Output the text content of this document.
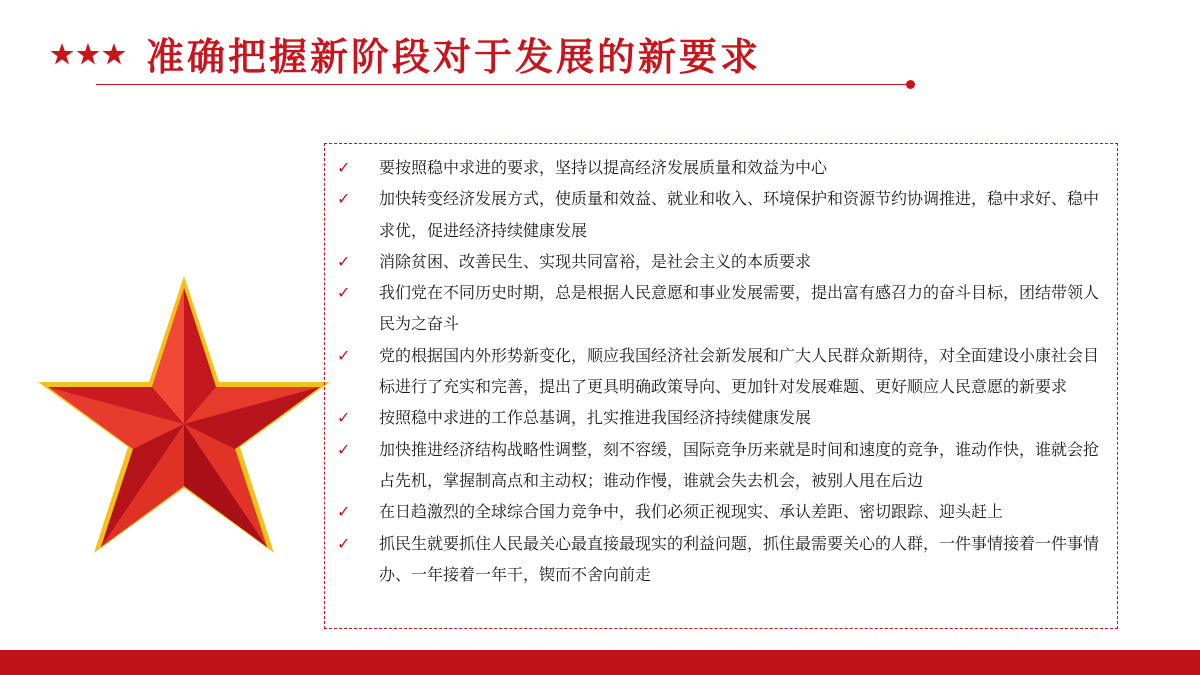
准确把握新阶段对于发展的新要求
✓	要按照稳中求进的要求，坚持以提高经济发展质量和效益为中心
✓	加快转变经济发展方式，使质量和效益、就业和收入、环境保护和资源节约协调推进，稳中求好、稳中求优，促进经济持续健康发展
✓	消除贫困、改善民生、实现共同富裕，是社会主义的本质要求
✓	我们党在不同历史时期，总是根据人民意愿和事业发展需要，提出富有感召力的奋斗目标，团结带领人民为之奋斗
✓	党的根据国内外形势新变化，顺应我国经济社会新发展和广大人民群众新期待，对全面建设小康社会目标进行了充实和完善，提出了更具明确政策导向、更加针对发展难题、更好顺应人民意愿的新要求
✓	按照稳中求进的工作总基调，扎实推进我国经济持续健康发展
✓	加快推进经济结构战略性调整，刻不容缓，国际竞争历来就是时间和速度的竞争，谁动作快，谁就会抢占先机，掌握制高点和主动权；谁动作慢，谁就会失去机会，被别人甩在后边
✓	在日趋激烈的全球综合国力竞争中，我们必须正视现实、承认差距、密切跟踪、迎头赶上
✓	抓民生就要抓住人民最关心最直接最现实的利益问题，抓住最需要关心的人群，一件事情接着一件事情办、一年接着一年干，锲而不舍向前走
